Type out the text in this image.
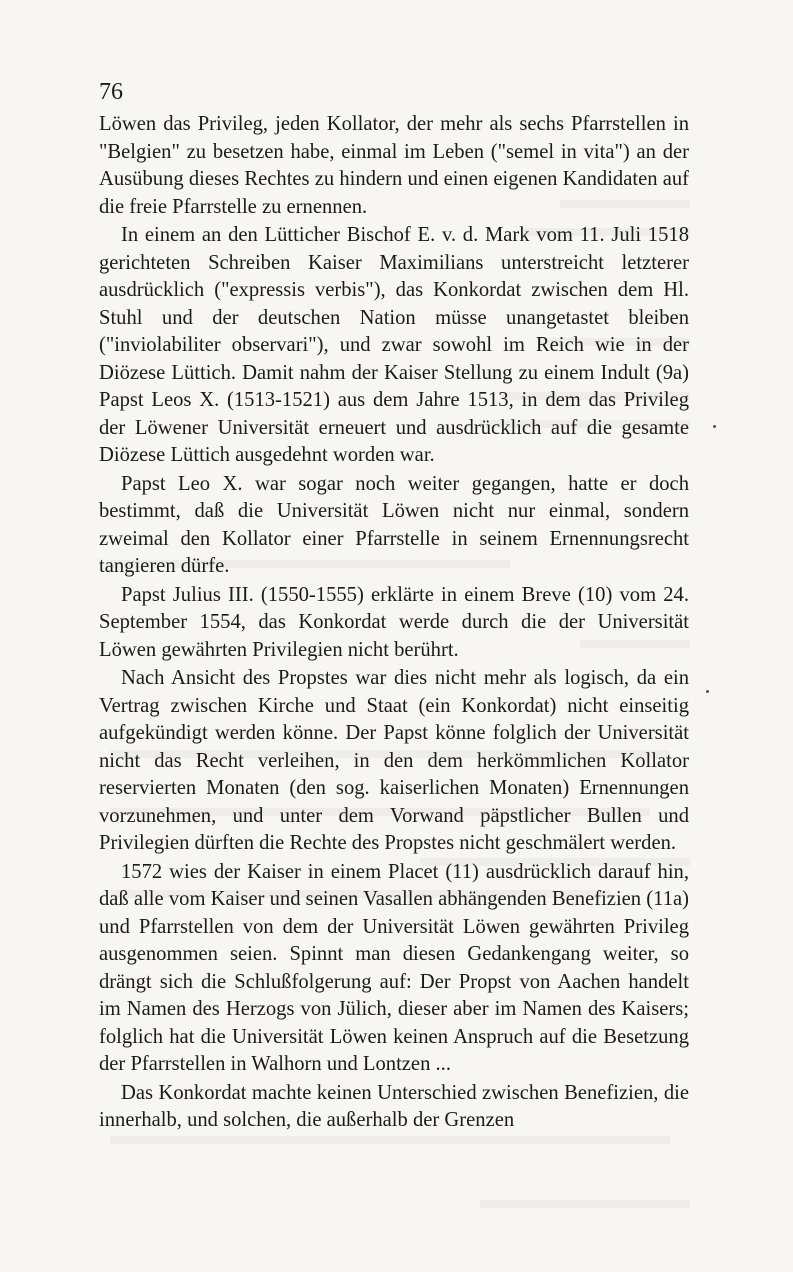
76

Löwen das Privileg, jeden Kollator, der mehr als sechs Pfarrstellen in "Belgien" zu besetzen habe, einmal im Leben ("semel in vita") an der Ausübung dieses Rechtes zu hindern und einen eigenen Kandidaten auf die freie Pfarrstelle zu ernennen.

In einem an den Lütticher Bischof E. v. d. Mark vom 11. Juli 1518 gerichteten Schreiben Kaiser Maximilians unterstreicht letzterer ausdrücklich ("expressis verbis"), das Konkordat zwischen dem Hl. Stuhl und der deutschen Nation müsse unangetastet bleiben ("inviolabiliter observari"), und zwar sowohl im Reich wie in der Diözese Lüttich. Damit nahm der Kaiser Stellung zu einem Indult (9a) Papst Leos X. (1513-1521) aus dem Jahre 1513, in dem das Privileg der Löwener Universität erneuert und ausdrücklich auf die gesamte Diözese Lüttich ausgedehnt worden war.

Papst Leo X. war sogar noch weiter gegangen, hatte er doch bestimmt, daß die Universität Löwen nicht nur einmal, sondern zweimal den Kollator einer Pfarrstelle in seinem Ernennungsrecht tangieren dürfe.

Papst Julius III. (1550-1555) erklärte in einem Breve (10) vom 24. September 1554, das Konkordat werde durch die der Universität Löwen gewährten Privilegien nicht berührt.

Nach Ansicht des Propstes war dies nicht mehr als logisch, da ein Vertrag zwischen Kirche und Staat (ein Konkordat) nicht einseitig aufgekündigt werden könne. Der Papst könne folglich der Universität nicht das Recht verleihen, in den dem herkömmlichen Kollator reservierten Monaten (den sog. kaiserlichen Monaten) Ernennungen vorzunehmen, und unter dem Vorwand päpstlicher Bullen und Privilegien dürften die Rechte des Propstes nicht geschmälert werden.

1572 wies der Kaiser in einem Placet (11) ausdrücklich darauf hin, daß alle vom Kaiser und seinen Vasallen abhängenden Benefizien (11a) und Pfarrstellen von dem der Universität Löwen gewährten Privileg ausgenommen seien. Spinnt man diesen Gedankengang weiter, so drängt sich die Schlußfolgerung auf: Der Propst von Aachen handelt im Namen des Herzogs von Jülich, dieser aber im Namen des Kaisers; folglich hat die Universität Löwen keinen Anspruch auf die Besetzung der Pfarrstellen in Walhorn und Lontzen ...

Das Konkordat machte keinen Unterschied zwischen Benefizien, die innerhalb, und solchen, die außerhalb der Grenzen
